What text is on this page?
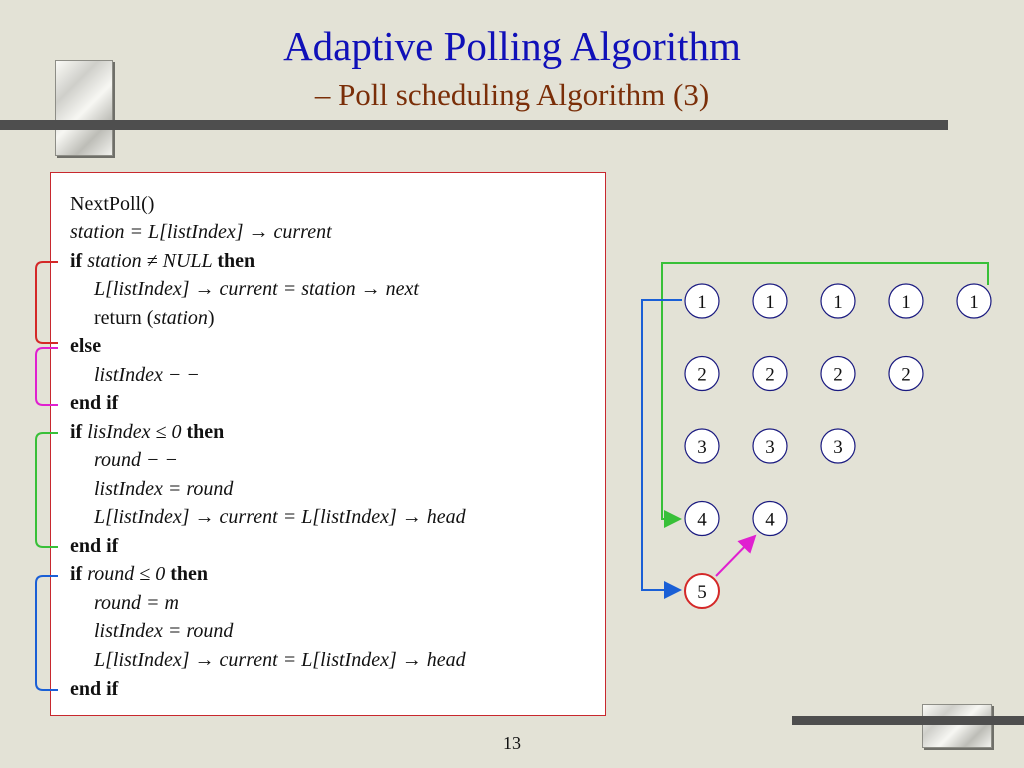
Adaptive Polling Algorithm
– Poll scheduling Algorithm (3)
NextPoll()
station = L[listIndex] → current
if station ≠ NULL then
L[listIndex] → current = station → next
return (station)
else
listIndex − −
end if
if lisIndex ≤ 0 then
round − −
listIndex = round
L[listIndex] → current = L[listIndex] → head
end if
if round ≤ 0 then
round = m
listIndex = round
L[listIndex] → current = L[listIndex] → head
end if
1	1	1	1	1
2	2	2	2
3	3	3
4	4
5
13
